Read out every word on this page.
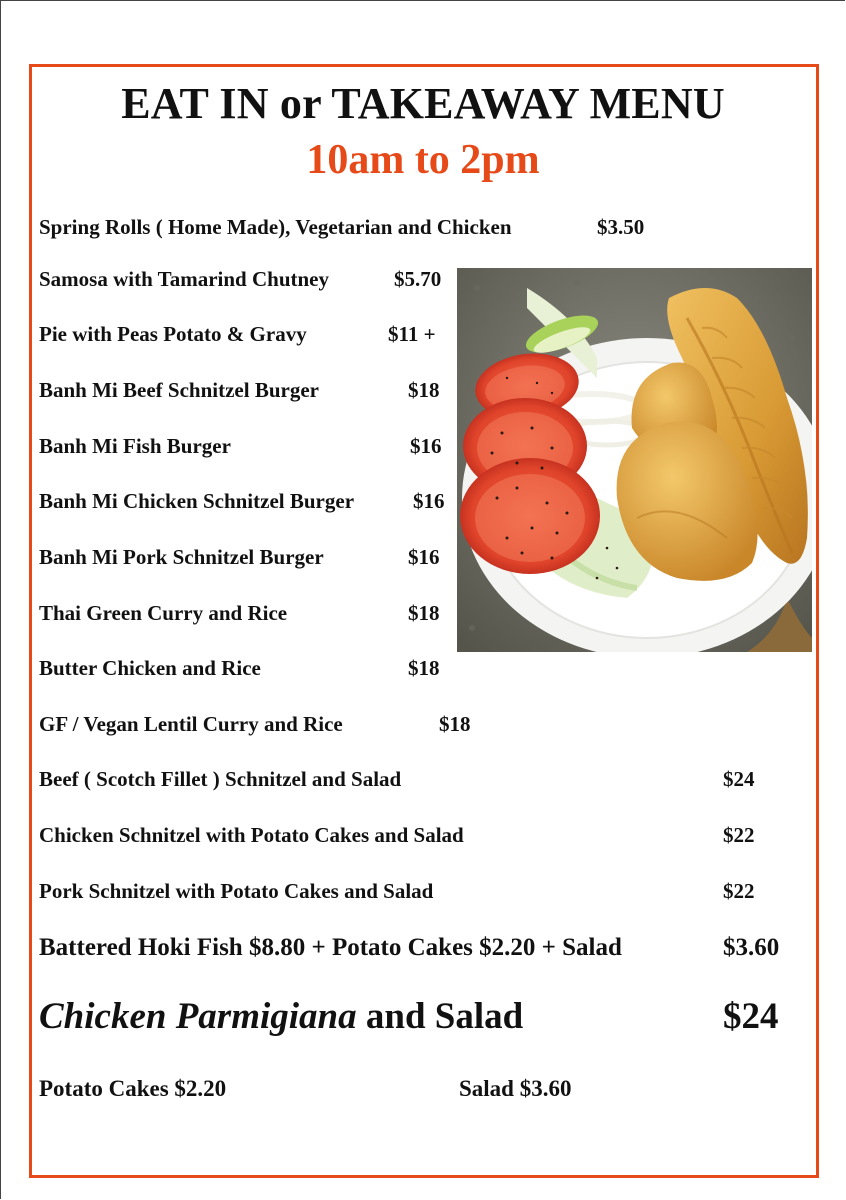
EAT IN or TAKEAWAY MENU
10am to 2pm
Spring Rolls ( Home Made), Vegetarian and Chicken	$3.50
Samosa with Tamarind Chutney	$5.70
Pie with Peas Potato & Gravy	$11 +
Banh Mi Beef Schnitzel Burger	$18
Banh Mi Fish Burger	$16
Banh Mi Chicken Schnitzel Burger	$16
Banh Mi Pork Schnitzel Burger	$16
Thai Green Curry and Rice	$18
Butter Chicken and Rice	$18
GF / Vegan Lentil Curry and Rice	$18
Beef ( Scotch Fillet ) Schnitzel and Salad	$24
Chicken Schnitzel with Potato Cakes and Salad	$22
Pork Schnitzel with Potato Cakes and Salad	$22
Battered Hoki Fish $8.80 + Potato Cakes $2.20 + Salad	$3.60
Chicken Parmigiana and Salad	$24
Potato Cakes $2.20	Salad $3.60
